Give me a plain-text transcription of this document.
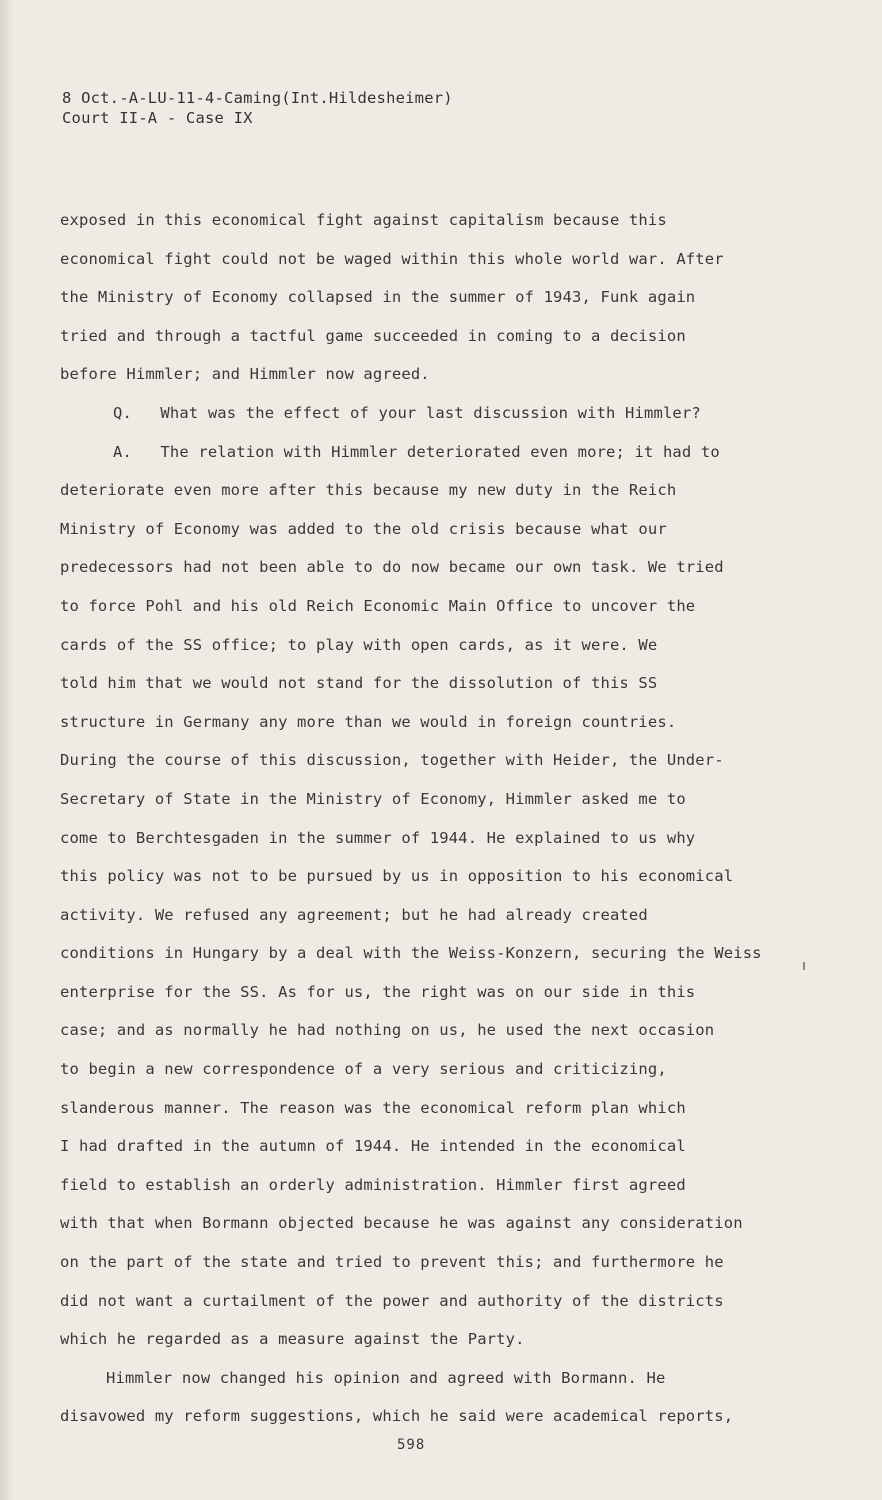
8 Oct.-A-LU-11-4-Caming(Int.Hildesheimer)
Court II-A - Case IX
exposed in this economical fight against capitalism because this
economical fight could not be waged within this whole world war. After
the Ministry of Economy collapsed in the summer of 1943, Funk again
tried and through a tactful game succeeded in coming to a decision
before Himmler; and Himmler now agreed.
Q.   What was the effect of your last discussion with Himmler?
A.   The relation with Himmler deteriorated even more; it had to
deteriorate even more after this because my new duty in the Reich
Ministry of Economy was added to the old crisis because what our
predecessors had not been able to do now became our own task. We tried
to force Pohl and his old Reich Economic Main Office to uncover the
cards of the SS office; to play with open cards, as it were. We
told him that we would not stand for the dissolution of this SS
structure in Germany any more than we would in foreign countries.
During the course of this discussion, together with Heider, the Under-
Secretary of State in the Ministry of Economy, Himmler asked me to
come to Berchtesgaden in the summer of 1944. He explained to us why
this policy was not to be pursued by us in opposition to his economical
activity. We refused any agreement; but he had already created
conditions in Hungary by a deal with the Weiss-Konzern, securing the Weiss
enterprise for the SS. As for us, the right was on our side in this
case; and as normally he had nothing on us, he used the next occasion
to begin a new correspondence of a very serious and criticizing,
slanderous manner. The reason was the economical reform plan which
I had drafted in the autumn of 1944. He intended in the economical
field to establish an orderly administration. Himmler first agreed
with that when Bormann objected because he was against any consideration
on the part of the state and tried to prevent this; and furthermore he
did not want a curtailment of the power and authority of the districts
which he regarded as a measure against the Party.
Himmler now changed his opinion and agreed with Bormann. He
disavowed my reform suggestions, which he said were academical reports,
598
